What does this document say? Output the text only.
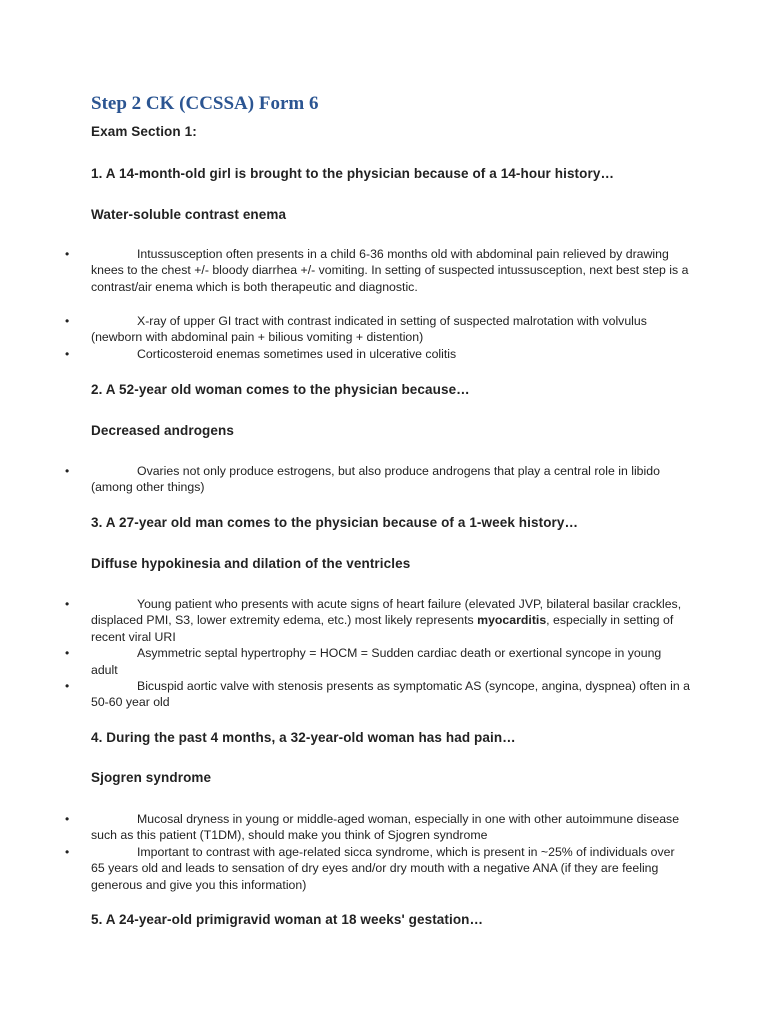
Step 2 CK (CCSSA) Form 6
Exam Section 1:
1. A 14-month-old girl is brought to the physician because of a 14-hour history…
Water-soluble contrast enema
•	Intussusception often presents in a child 6-36 months old with abdominal pain relieved by drawing knees to the chest +/- bloody diarrhea +/- vomiting. In setting of suspected intussusception, next best step is a contrast/air enema which is both therapeutic and diagnostic.
•	X-ray of upper GI tract with contrast indicated in setting of suspected malrotation with volvulus (newborn with abdominal pain + bilious vomiting + distention)
•	Corticosteroid enemas sometimes used in ulcerative colitis
2. A 52-year old woman comes to the physician because…
Decreased androgens
•	Ovaries not only produce estrogens, but also produce androgens that play a central role in libido (among other things)
3. A 27-year old man comes to the physician because of a 1-week history…
Diffuse hypokinesia and dilation of the ventricles
•	Young patient who presents with acute signs of heart failure (elevated JVP, bilateral basilar crackles, displaced PMI, S3, lower extremity edema, etc.) most likely represents myocarditis, especially in setting of recent viral URI
•	Asymmetric septal hypertrophy = HOCM = Sudden cardiac death or exertional syncope in young adult
•	Bicuspid aortic valve with stenosis presents as symptomatic AS (syncope, angina, dyspnea) often in a 50-60 year old
4. During the past 4 months, a 32-year-old woman has had pain…
Sjogren syndrome
•	Mucosal dryness in young or middle-aged woman, especially in one with other autoimmune disease such as this patient (T1DM), should make you think of Sjogren syndrome
•	Important to contrast with age-related sicca syndrome, which is present in ~25% of individuals over 65 years old and leads to sensation of dry eyes and/or dry mouth with a negative ANA (if they are feeling generous and give you this information)
5. A 24-year-old primigravid woman at 18 weeks' gestation…
